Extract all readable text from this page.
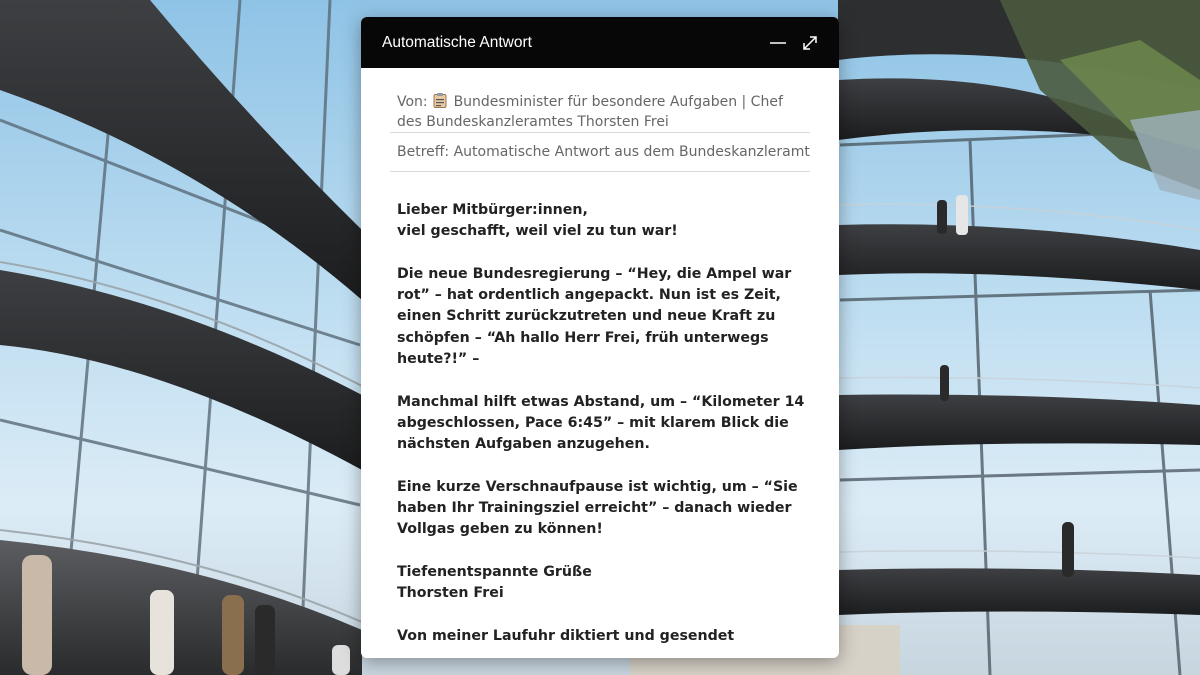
Automatische Antwort
Von: Bundesminister für besondere Aufgaben | Chef des Bundeskanzleramtes Thorsten Frei
Betreff: Automatische Antwort aus dem Bundeskanzleramt

Lieber Mitbürger:innen,
viel geschafft, weil viel zu tun war!

Die neue Bundesregierung – “Hey, die Ampel war rot” – hat ordentlich angepackt. Nun ist es Zeit, einen Schritt zurückzutreten und neue Kraft zu schöpfen – “Ah hallo Herr Frei, früh unterwegs heute?!” –

Manchmal hilft etwas Abstand, um – “Kilometer 14 abgeschlossen, Pace 6:45” – mit klarem Blick die nächsten Aufgaben anzugehen.

Eine kurze Verschnaufpause ist wichtig, um – “Sie haben Ihr Trainingsziel erreicht” – danach wieder Vollgas geben zu können!

Tiefenentspannte Grüße
Thorsten Frei

Von meiner Laufuhr diktiert und gesendet
